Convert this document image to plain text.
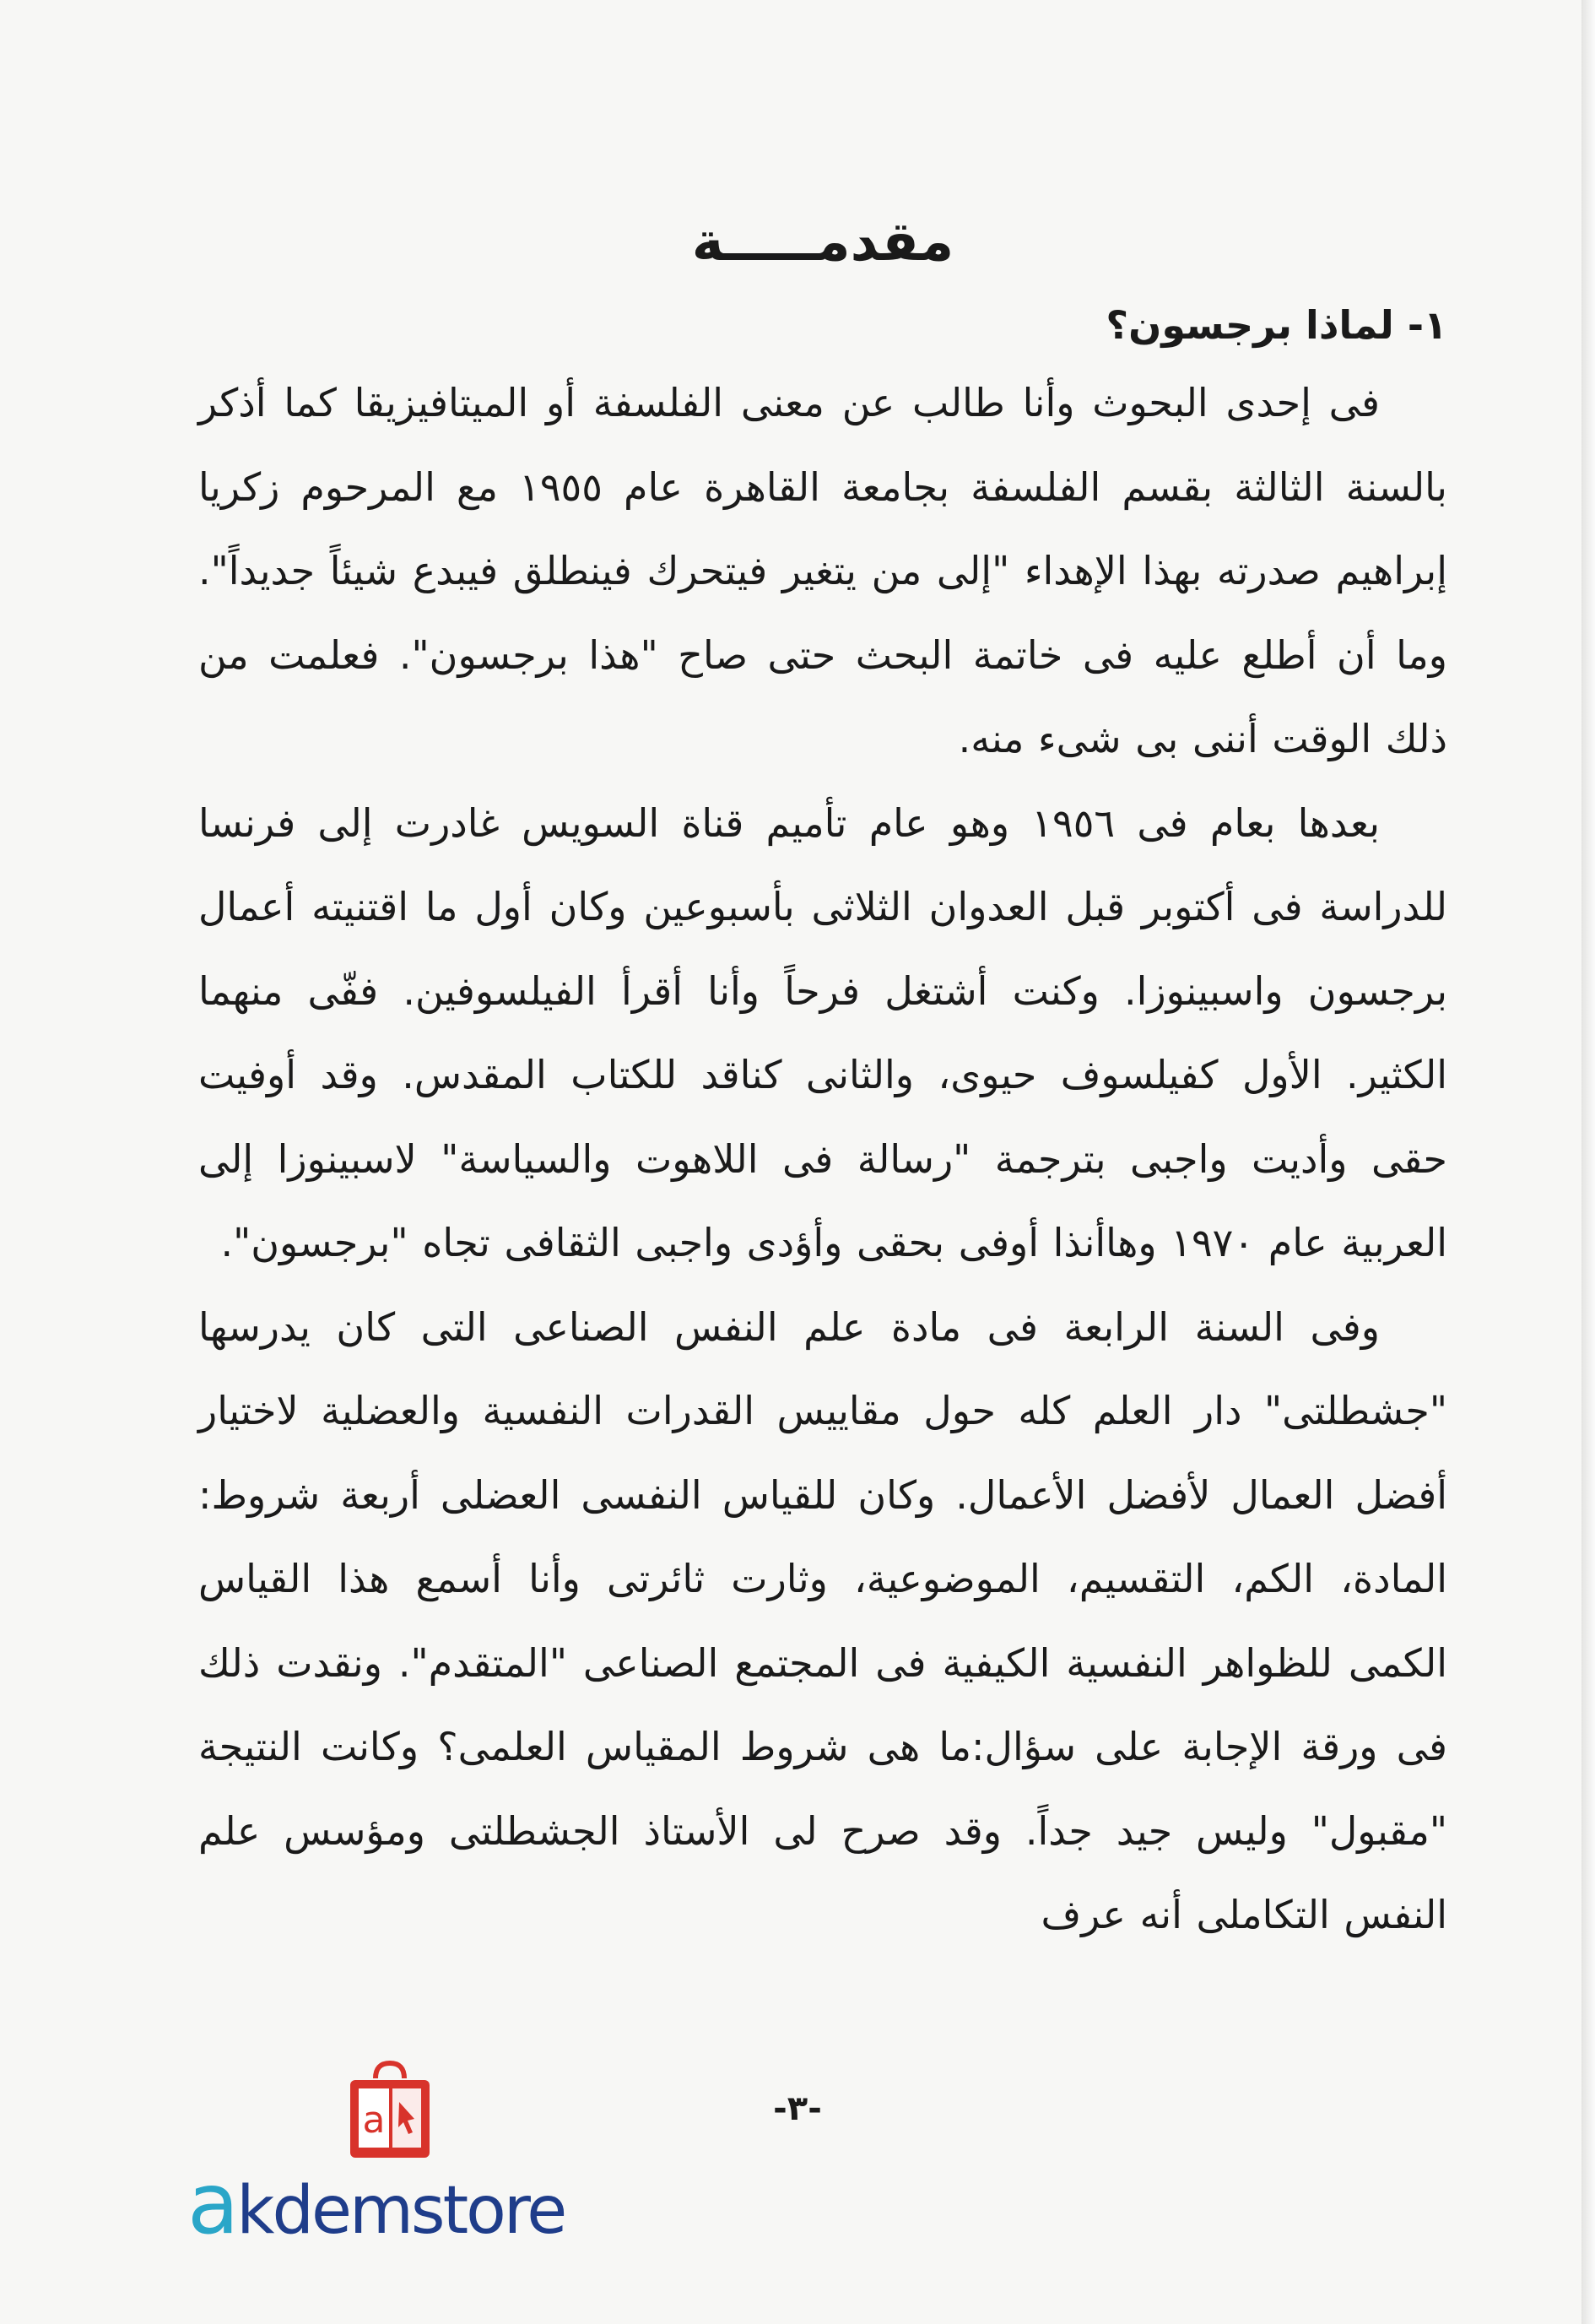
مقدمـــــة
١- لماذا برجسون؟

فى إحدى البحوث وأنا طالب عن معنى الفلسفة أو الميتافيزيقا كما أذكر بالسنة الثالثة بقسم الفلسفة بجامعة القاهرة عام ١٩٥٥ مع المرحوم زكريا إبراهيم صدرته بهذا الإهداء "إلى من يتغير فيتحرك فينطلق فيبدع شيئاً جديداً". وما أن أطلع عليه فى خاتمة البحث حتى صاح "هذا برجسون". فعلمت من ذلك الوقت أننى بى شىء منه.

بعدها بعام فى ١٩٥٦ وهو عام تأميم قناة السويس غادرت إلى فرنسا للدراسة فى أكتوبر قبل العدوان الثلاثى بأسبوعين وكان أول ما اقتنيته أعمال برجسون واسبينوزا. وكنت أشتغل فرحاً وأنا أقرأ الفيلسوفين. ففّى منهما الكثير. الأول كفيلسوف حيوى، والثانى كناقد للكتاب المقدس. وقد أوفيت حقى وأديت واجبى بترجمة "رسالة فى اللاهوت والسياسة" لاسبينوزا إلى العربية عام ١٩٧٠ وهاأنذا أوفى بحقى وأؤدى واجبى الثقافى تجاه "برجسون".

وفى السنة الرابعة فى مادة علم النفس الصناعى التى كان يدرسها "جشطلتى" دار العلم كله حول مقاييس القدرات النفسية والعضلية لاختيار أفضل العمال لأفضل الأعمال. وكان للقياس النفسى العضلى أربعة شروط: المادة، الكم، التقسيم، الموضوعية، وثارت ثائرتى وأنا أسمع هذا القياس الكمى للظواهر النفسية الكيفية فى المجتمع الصناعى "المتقدم". ونقدت ذلك فى ورقة الإجابة على سؤال:ما هى شروط المقياس العلمى؟ وكانت النتيجة "مقبول" وليس جيد جداً. وقد صرح لى الأستاذ الجشطلتى ومؤسس علم النفس التكاملى أنه عرف

-٣-
a
akdemstore
